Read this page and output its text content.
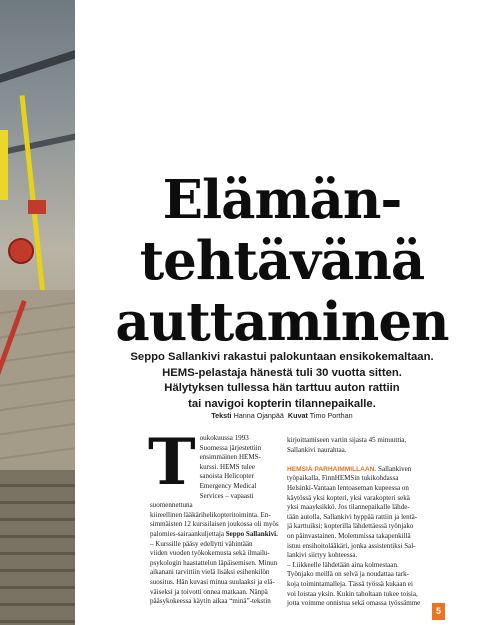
Elämän-
tehtävänä
auttaminen
Seppo Sallankivi rakastui palokuntaan ensikokemaltaan.
HEMS-pelastaja hänestä tuli 30 vuotta sitten.
Hälytyksen tullessa hän tarttuu auton rattiin
tai navigoi kopterin tilannepaikalle.
Teksti Hanna Ojanpää Kuvat Timo Porthan
T oukokuussa 1993
Suomessa järjestettiin
ensimmäinen HEMS-
kurssi. HEMS tulee
sanoista Helicopter
Emergency Medical
Services – vapaasti
suomennettuna
kiireellinen lääkärihelikopteritoiminta. En-
simmäisten 12 kurssilaisen joukossa oli myös
palomies-sairaankuljettaja Seppo Sallankivi.
– Kurssille pääsy edellytti vähintään
viiden vuoden työkokemusta sekä ilmailu-
psykologin haastattelun läpäisemisen. Minun
aikanani tarvittiin vielä lisäksi esihenkilön
suositus. Hän kuvasi minua suulaaksi ja elä-
väiseksi ja toivotti onnea matkaan. Nänpä
pääsykokeessa käytin aikaa “minä”-tekstin
kirjoittamiseen vartin sijasta 45 minuuttia,
Sallankivi naurahtaa.
HEMSIÄ PARHAIMMILLAAN. Sallankiven
työpaikalla, FinnHEMSin tukikohdassa
Helsinki-Vantaan lentoaseman kupeessa on
käytössä yksi kopteri, yksi varakopteri sekä
yksi maayksikkö. Jos tilannepaikalle lähde-
tään autolla, Sallankivi hyppää rattiin ja lentä-
jä karttuiksi; kopterilla lähdettäessä työnjako
on päinvastainen. Molemmissa takapenkillä
istuu ensihoitolääkäri, jonka assistentiksi Sal-
lankivi siirtyy kohteessa.
– Liikkeelle lähdetään aina kolmestaan.
Työnjako meillä on selvä ja noudattaa tark-
koja toimintamalleja. Tässä työssä kukaan ei
voi loistaa yksin. Kukin taholtaan tukee toisia,
jotta voimme onnistua sekä omassa työssämme
5
